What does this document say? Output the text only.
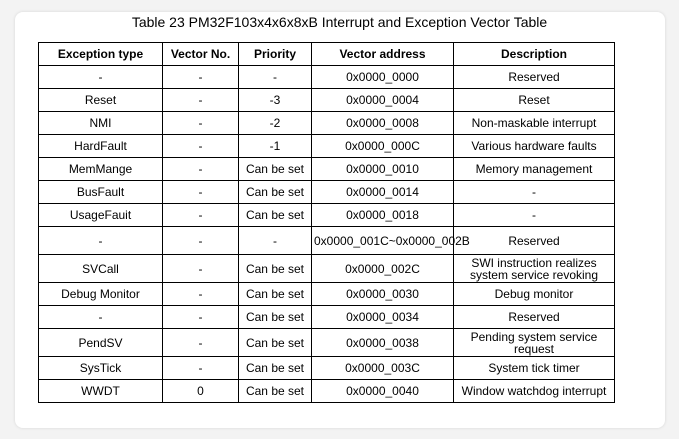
Table 23 PM32F103x4x6x8xB Interrupt and Exception Vector Table
Exception type	Vector No.	Priority	Vector address	Description
-	-	-	0x0000_0000	Reserved
Reset	-	-3	0x0000_0004	Reset
NMI	-	-2	0x0000_0008	Non-maskable interrupt
HardFault	-	-1	0x0000_000C	Various hardware faults
MemMange	-	Can be set	0x0000_0010	Memory management
BusFault	-	Can be set	0x0000_0014	-
UsageFauit	-	Can be set	0x0000_0018	-
-	-	-	0x0000_001C~0x0000_002B	Reserved
SVCall	-	Can be set	0x0000_002C	SWI instruction realizes system service revoking
Debug Monitor	-	Can be set	0x0000_0030	Debug monitor
-	-	Can be set	0x0000_0034	Reserved
PendSV	-	Can be set	0x0000_0038	Pending system service request
SysTick	-	Can be set	0x0000_003C	System tick timer
WWDT	0	Can be set	0x0000_0040	Window watchdog interrupt
